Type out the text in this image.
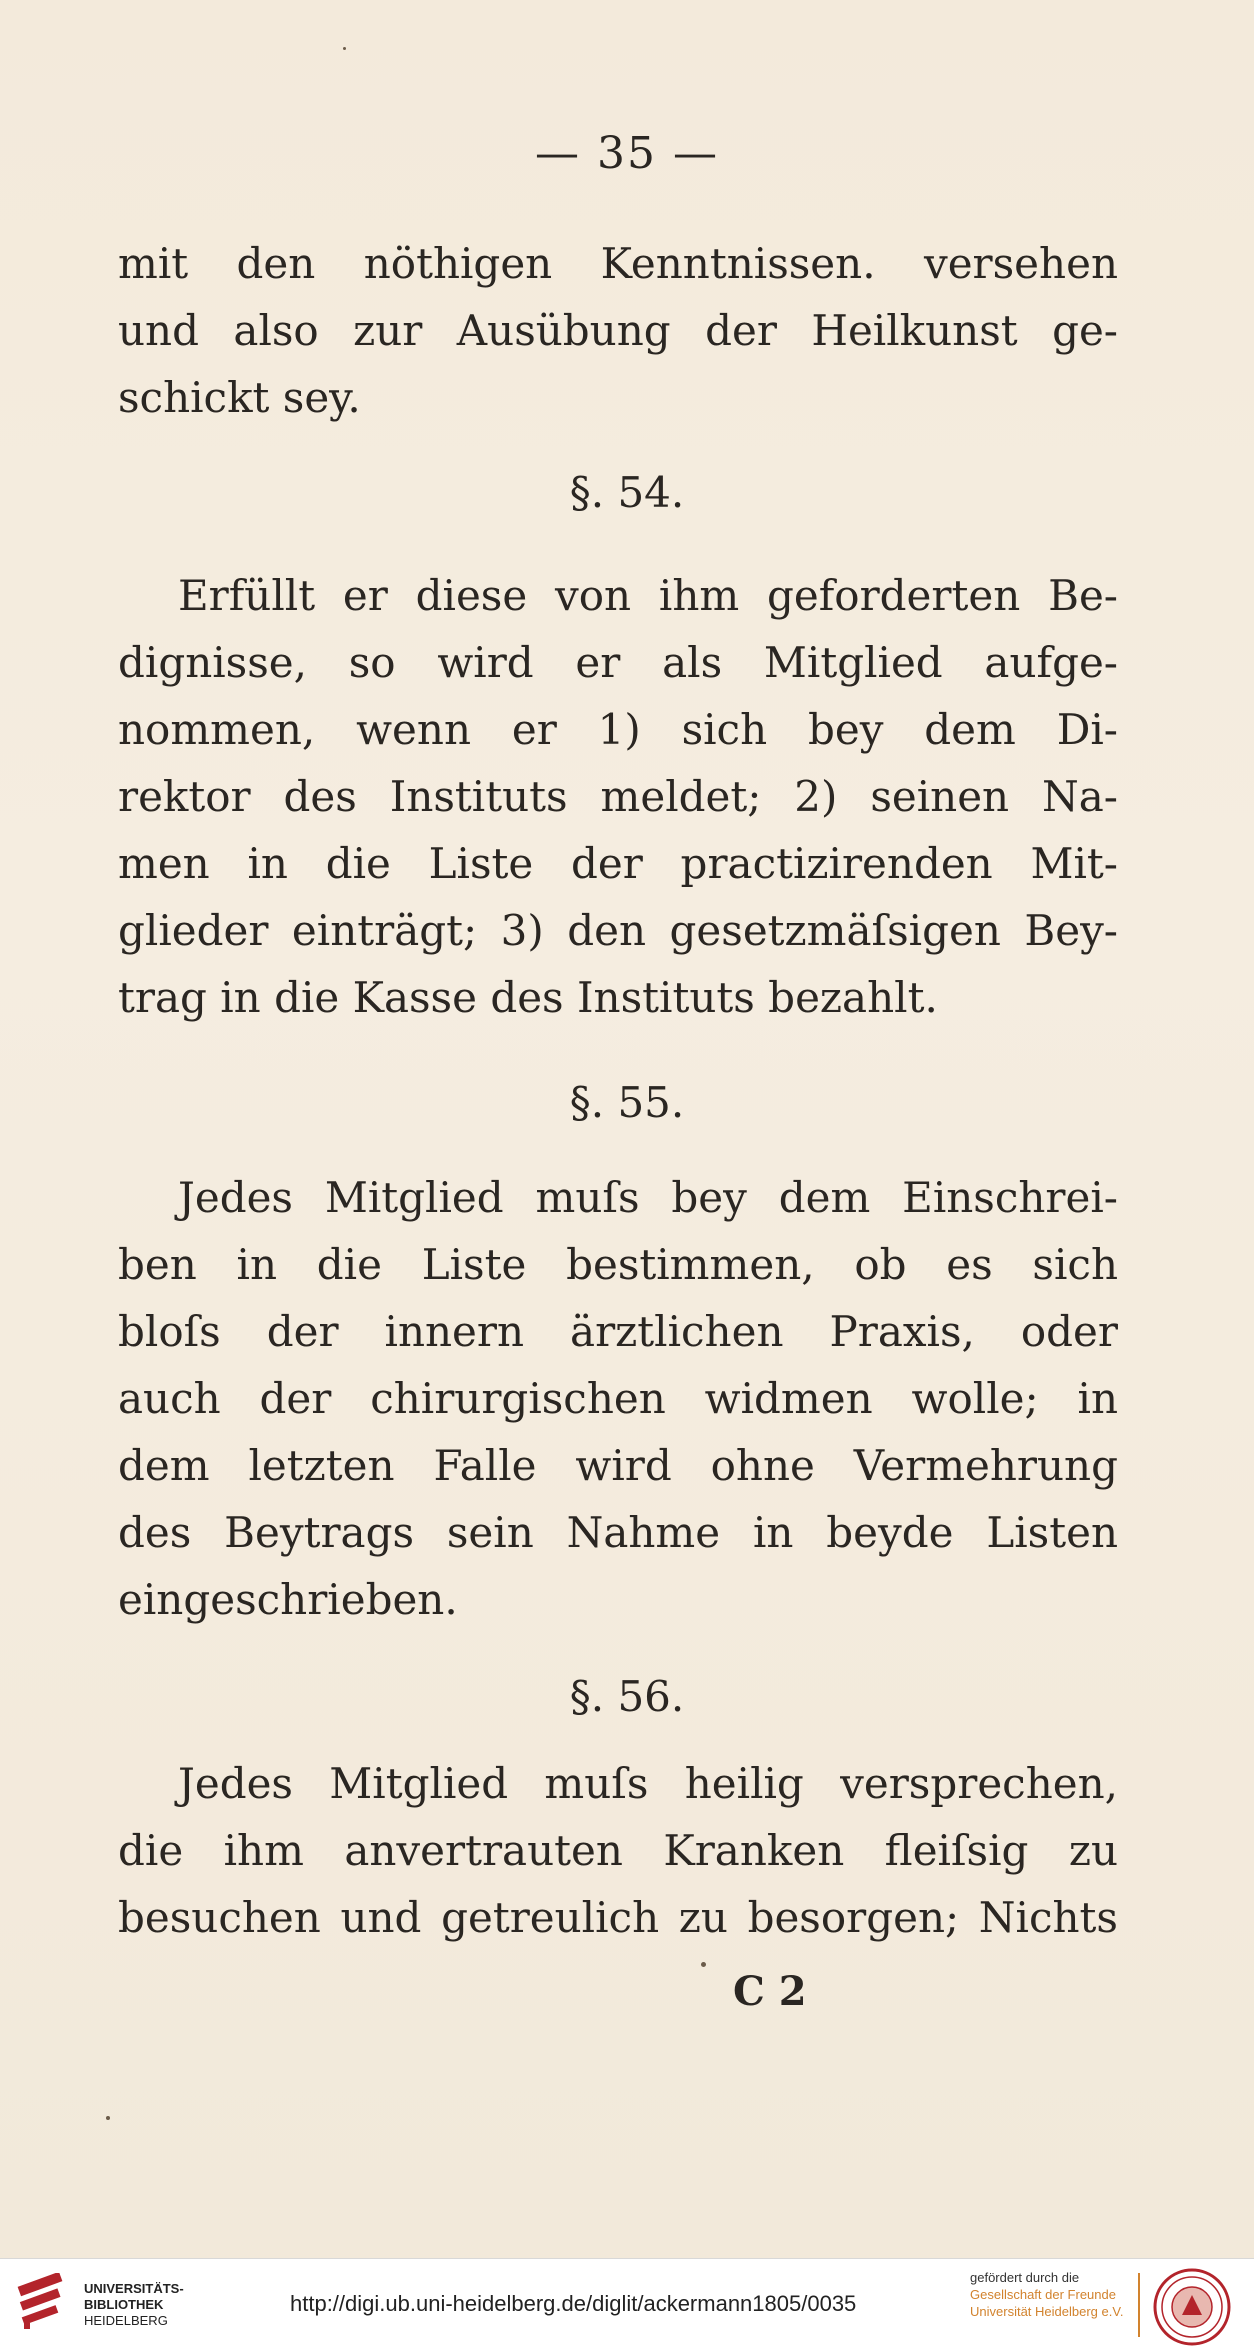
— 35 —
mit den nöthigen Kenntnissen. versehen
und also zur Ausübung der Heilkunst ge-
schickt sey.
§. 54.
Erfüllt er diese von ihm geforderten Be-
dignisse, so wird er als Mitglied aufge-
nommen, wenn er 1) sich bey dem Di-
rektor des Instituts meldet; 2) seinen Na-
men in die Liste der practizirenden Mit-
glieder einträgt; 3) den gesetzmäſsigen Bey-
trag in die Kasse des Instituts bezahlt.
§. 55.
Jedes Mitglied muſs bey dem Einschrei-
ben in die Liste bestimmen, ob es sich
bloſs der innern ärztlichen Praxis, oder
auch der chirurgischen widmen wolle; in
dem letzten Falle wird ohne Vermehrung
des Beytrags sein Nahme in beyde Listen
eingeschrieben.
§. 56.
Jedes Mitglied muſs heilig versprechen,
die ihm anvertrauten Kranken fleiſsig zu
besuchen und getreulich zu besorgen; Nichts
C 2
UNIVERSITÄTS-
BIBLIOTHEK
HEIDELBERG
http://digi.ub.uni-heidelberg.de/diglit/ackermann1805/0035
gefördert durch die
Gesellschaft der Freunde
Universität Heidelberg e.V.
